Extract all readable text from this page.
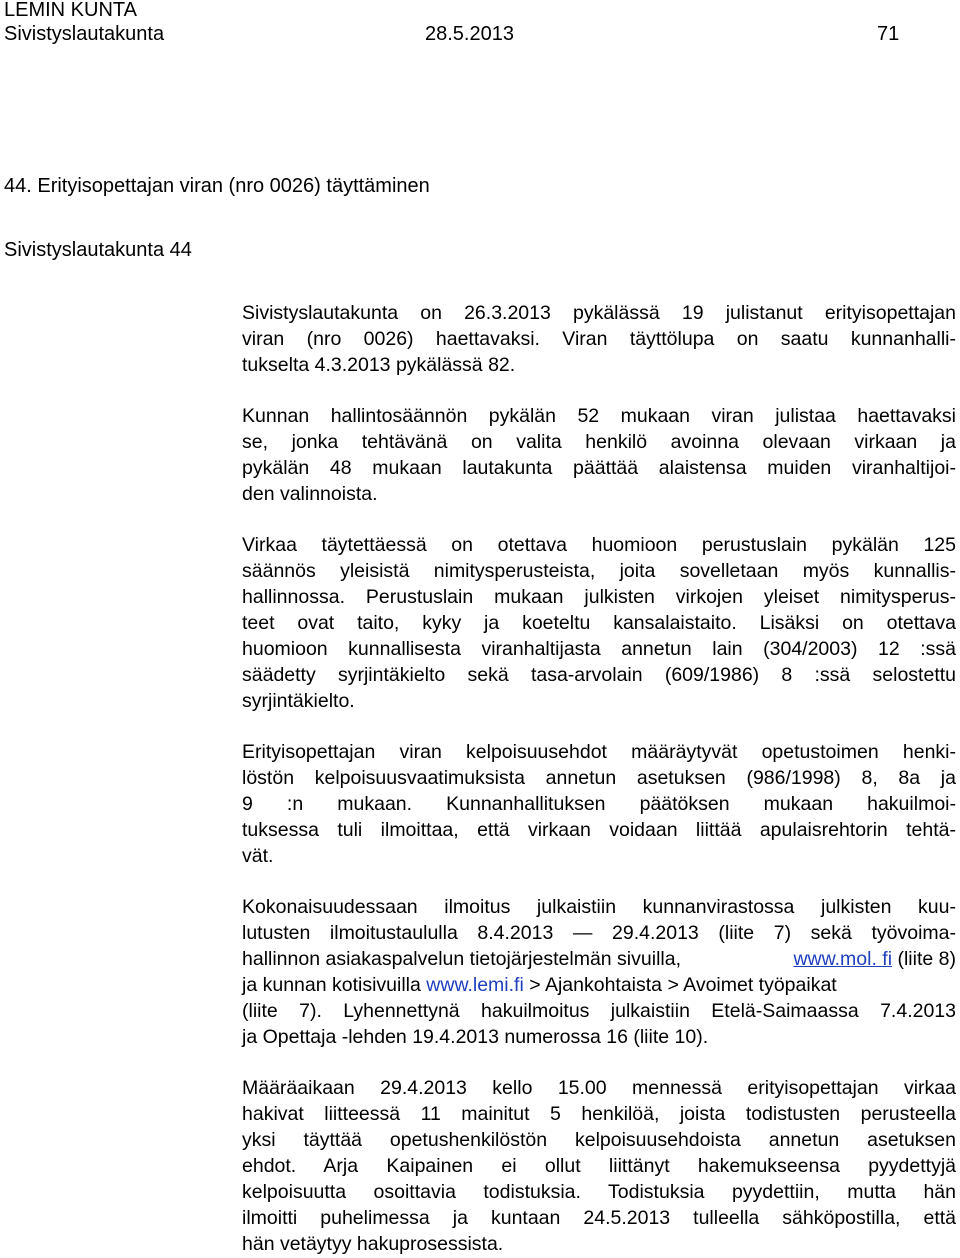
LEMIN KUNTA
Sivistyslautakunta	28.5.2013	71
44. Erityisopettajan viran (nro 0026) täyttäminen
Sivistyslautakunta 44
Sivistyslautakunta on 26.3.2013 pykälässä 19 julistanut erityisopettajan
viran (nro 0026) haettavaksi. Viran täyttölupa on saatu kunnanhalli-
tukselta 4.3.2013 pykälässä 82.
Kunnan hallintosäännön pykälän 52 mukaan viran julistaa haettavaksi
se, jonka tehtävänä on valita henkilö avoinna olevaan virkaan ja
pykälän 48 mukaan lautakunta päättää alaistensa muiden viranhaltijoi-
den valinnoista.
Virkaa täytettäessä on otettava huomioon perustuslain pykälän 125
säännös yleisistä nimitysperusteista, joita sovelletaan myös kunnallis-
hallinnossa. Perustuslain mukaan julkisten virkojen yleiset nimitysperus-
teet ovat taito, kyky ja koeteltu kansalaistaito. Lisäksi on otettava
huomioon kunnallisesta viranhaltijasta annetun lain (304/2003) 12 :ssä
säädetty syrjintäkielto sekä tasa-arvolain (609/1986) 8 :ssä selostettu
syrjintäkielto.
Erityisopettajan viran kelpoisuusehdot määräytyvät opetustoimen henki-
löstön kelpoisuusvaatimuksista annetun asetuksen (986/1998) 8, 8a ja
9 :n mukaan. Kunnanhallituksen päätöksen mukaan hakuilmoi-
tuksessa tuli ilmoittaa, että virkaan voidaan liittää apulaisrehtorin tehtä-
vät.
Kokonaisuudessaan ilmoitus julkaistiin kunnanvirastossa julkisten kuu-
lutusten ilmoitustaululla 8.4.2013 — 29.4.2013 (liite 7) sekä työvoima-
hallinnon asiakaspalvelun tietojärjestelmän sivuilla,	www.mol. fi (liite 8)
ja kunnan kotisivuilla www.lemi.fi > Ajankohtaista > Avoimet työpaikat
(liite 7). Lyhennettynä hakuilmoitus julkaistiin Etelä-Saimaassa 7.4.2013
ja Opettaja -lehden 19.4.2013 numerossa 16 (liite 10).
Määräaikaan 29.4.2013 kello 15.00 mennessä erityisopettajan virkaa
hakivat liitteessä 11 mainitut 5 henkilöä, joista todistusten perusteella
yksi täyttää opetushenkilöstön kelpoisuusehdoista annetun asetuksen
ehdot. Arja Kaipainen ei ollut liittänyt hakemukseensa pyydettyjä
kelpoisuutta osoittavia todistuksia. Todistuksia pyydettiin, mutta hän
ilmoitti puhelimessa ja kuntaan 24.5.2013 tulleella sähköpostilla, että
hän vetäytyy hakuprosessista.
